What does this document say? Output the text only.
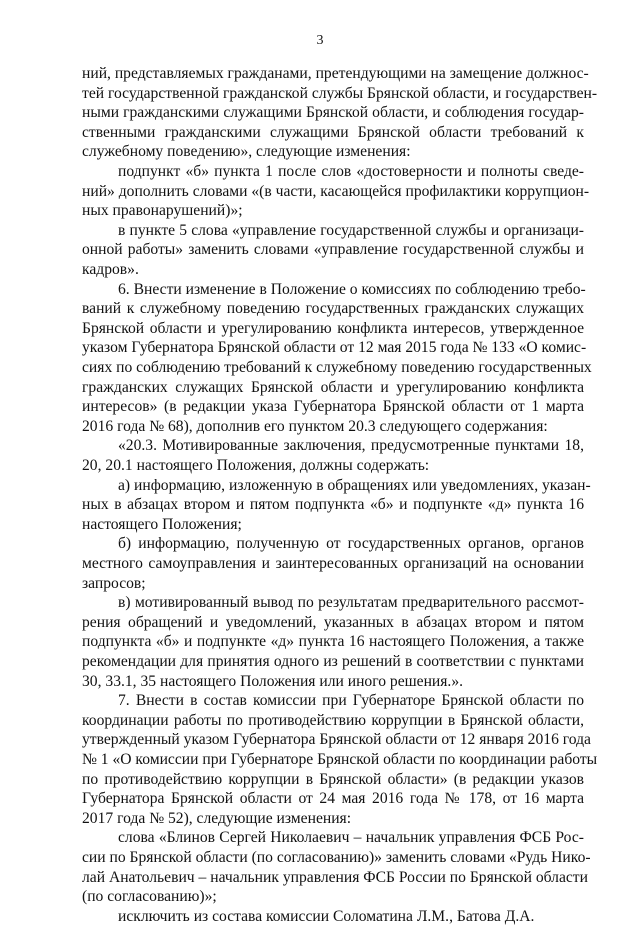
3
ний, представляемых гражданами, претендующими на замещение должнос-
тей государственной гражданской службы Брянской области, и государствен-
ными гражданскими служащими Брянской области, и соблюдения государ-
ственными гражданскими служащими Брянской области требований к
служебному поведению», следующие изменения:
подпункт «б» пункта 1 после слов «достоверности и полноты сведе-
ний» дополнить словами «(в части, касающейся профилактики коррупцион-
ных правонарушений)»;
в пункте 5 слова «управление государственной службы и организаци-
онной работы» заменить словами «управление государственной службы и
кадров».
6. Внести изменение в Положение о комиссиях по соблюдению требо-
ваний к служебному поведению государственных гражданских служащих
Брянской области и урегулированию конфликта интересов, утвержденное
указом Губернатора Брянской области от 12 мая 2015 года № 133 «О комис-
сиях по соблюдению требований к служебному поведению государственных
гражданских служащих Брянской области и урегулированию конфликта
интересов» (в редакции указа Губернатора Брянской области от 1 марта
2016 года № 68), дополнив его пунктом 20.3 следующего содержания:
«20.3. Мотивированные заключения, предусмотренные пунктами 18,
20, 20.1 настоящего Положения, должны содержать:
а) информацию, изложенную в обращениях или уведомлениях, указан-
ных в абзацах втором и пятом подпункта «б» и подпункте «д» пункта 16
настоящего Положения;
б) информацию, полученную от государственных органов, органов
местного самоуправления и заинтересованных организаций на основании
запросов;
в) мотивированный вывод по результатам предварительного рассмот-
рения обращений и уведомлений, указанных в абзацах втором и пятом
подпункта «б» и подпункте «д» пункта 16 настоящего Положения, а также
рекомендации для принятия одного из решений в соответствии с пунктами
30, 33.1, 35 настоящего Положения или иного решения.».
7. Внести в состав комиссии при Губернаторе Брянской области по
координации работы по противодействию коррупции в Брянской области,
утвержденный указом Губернатора Брянской области от 12 января 2016 года
№ 1 «О комиссии при Губернаторе Брянской области по координации работы
по противодействию коррупции в Брянской области» (в редакции указов
Губернатора Брянской области от 24 мая 2016 года № 178, от 16 марта
2017 года № 52), следующие изменения:
слова «Блинов Сергей Николаевич – начальник управления ФСБ Рос-
сии по Брянской области (по согласованию)» заменить словами «Рудь Нико-
лай Анатольевич – начальник управления ФСБ России по Брянской области
(по согласованию)»;
исключить из состава комиссии Соломатина Л.М., Батова Д.А.
